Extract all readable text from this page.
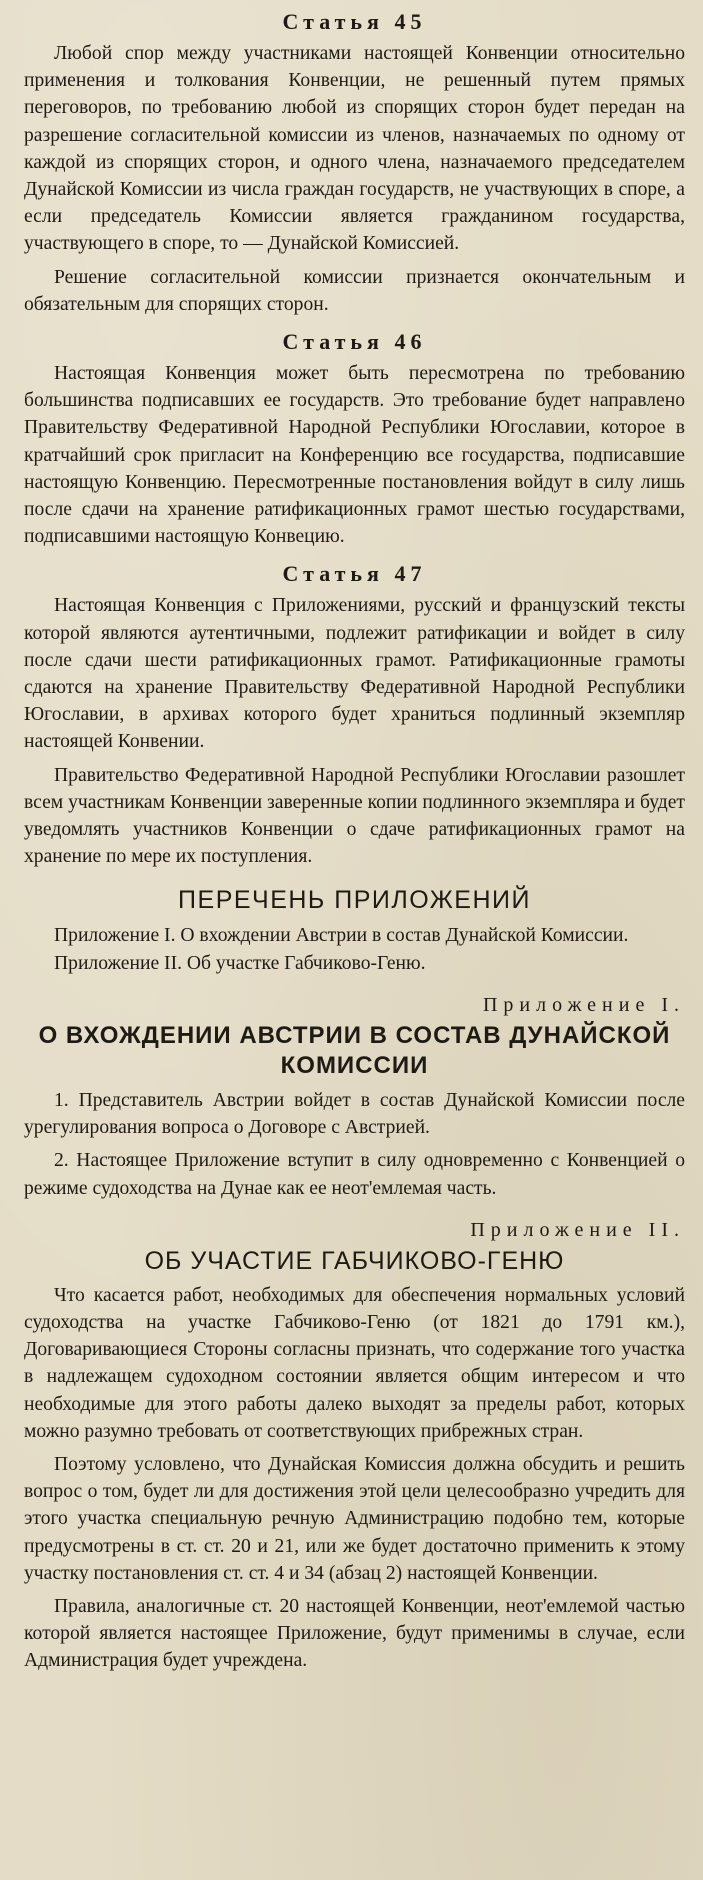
Статья 45

Любой спор между участниками настоящей Конвенции относительно применения и толкования Конвенции, не решенный путем прямых переговоров, по требованию любой из спорящих сторон будет передан на разрешение согласительной комиссии из членов, назначаемых по одному от каждой из спорящих сторон, и одного члена, назначаемого председателем Дунайской Комиссии из числа граждан государств, не участвующих в споре, а если председатель Комиссии является гражданином государства, участвующего в споре, то — Дунайской Комиссией.

Решение согласительной комиссии признается окончательным и обязательным для спорящих сторон.

Статья 46

Настоящая Конвенция может быть пересмотрена по требованию большинства подписавших ее государств. Это требование будет направлено Правительству Федеративной Народной Республики Югославии, которое в кратчайший срок пригласит на Конференцию все государства, подписавшие настоящую Конвенцию. Пересмотренные постановления войдут в силу лишь после сдачи на хранение ратификационных грамот шестью государствами, подписавшими настоящую Конвецию.

Статья 47

Настоящая Конвенция с Приложениями, русский и французский тексты которой являются аутентичными, подлежит ратификации и войдет в силу после сдачи шести ратификационных грамот. Ратификационные грамоты сдаются на хранение Правительству Федеративной Народной Республики Югославии, в архивах которого будет храниться подлинный экземпляр настоящей Конвении.

Правительство Федеративной Народной Республики Югославии разошлет всем участникам Конвенции заверенные копии подлинного экземпляра и будет уведомлять участников Конвенции о сдаче ратификационных грамот на хранение по мере их поступления.

ПЕРЕЧЕНЬ ПРИЛОЖЕНИЙ

Приложение I. О вхождении Австрии в состав Дунайской Комиссии.

Приложение II. Об участке Габчиково-Геню.

Приложение I.
О ВХОЖДЕНИИ АВСТРИИ В СОСТАВ ДУНАЙСКОЙ КОМИССИИ

1. Представитель Австрии войдет в состав Дунайской Комиссии после урегулирования вопроса о Договоре с Австрией.

2. Настоящее Приложение вступит в силу одновременно с Конвенцией о режиме судоходства на Дунае как ее неот'емлемая часть.

Приложение II.
ОБ УЧАСТИЕ ГАБЧИКОВО-ГЕНЮ

Что касается работ, необходимых для обеспечения нормальных условий судоходства на участке Габчиково-Геню (от 1821 до 1791 км.), Договаривающиеся Стороны согласны признать, что содержание того участка в надлежащем судоходном состоянии является общим интересом и что необходимые для этого работы далеко выходят за пределы работ, которых можно разумно требовать от соответствующих прибрежных стран.

Поэтому условлено, что Дунайская Комиссия должна обсудить и решить вопрос о том, будет ли для достижения этой цели целесообразно учредить для этого участка специальную речную Администрацию подобно тем, которые предусмотрены в ст. ст. 20 и 21, или же будет достаточно применить к этому участку постановления ст. ст. 4 и 34 (абзац 2) настоящей Конвенции.

Правила, аналогичные ст. 20 настоящей Конвенции, неот'емлемой частью которой является настоящее Приложение, будут применимы в случае, если Администрация будет учреждена.
